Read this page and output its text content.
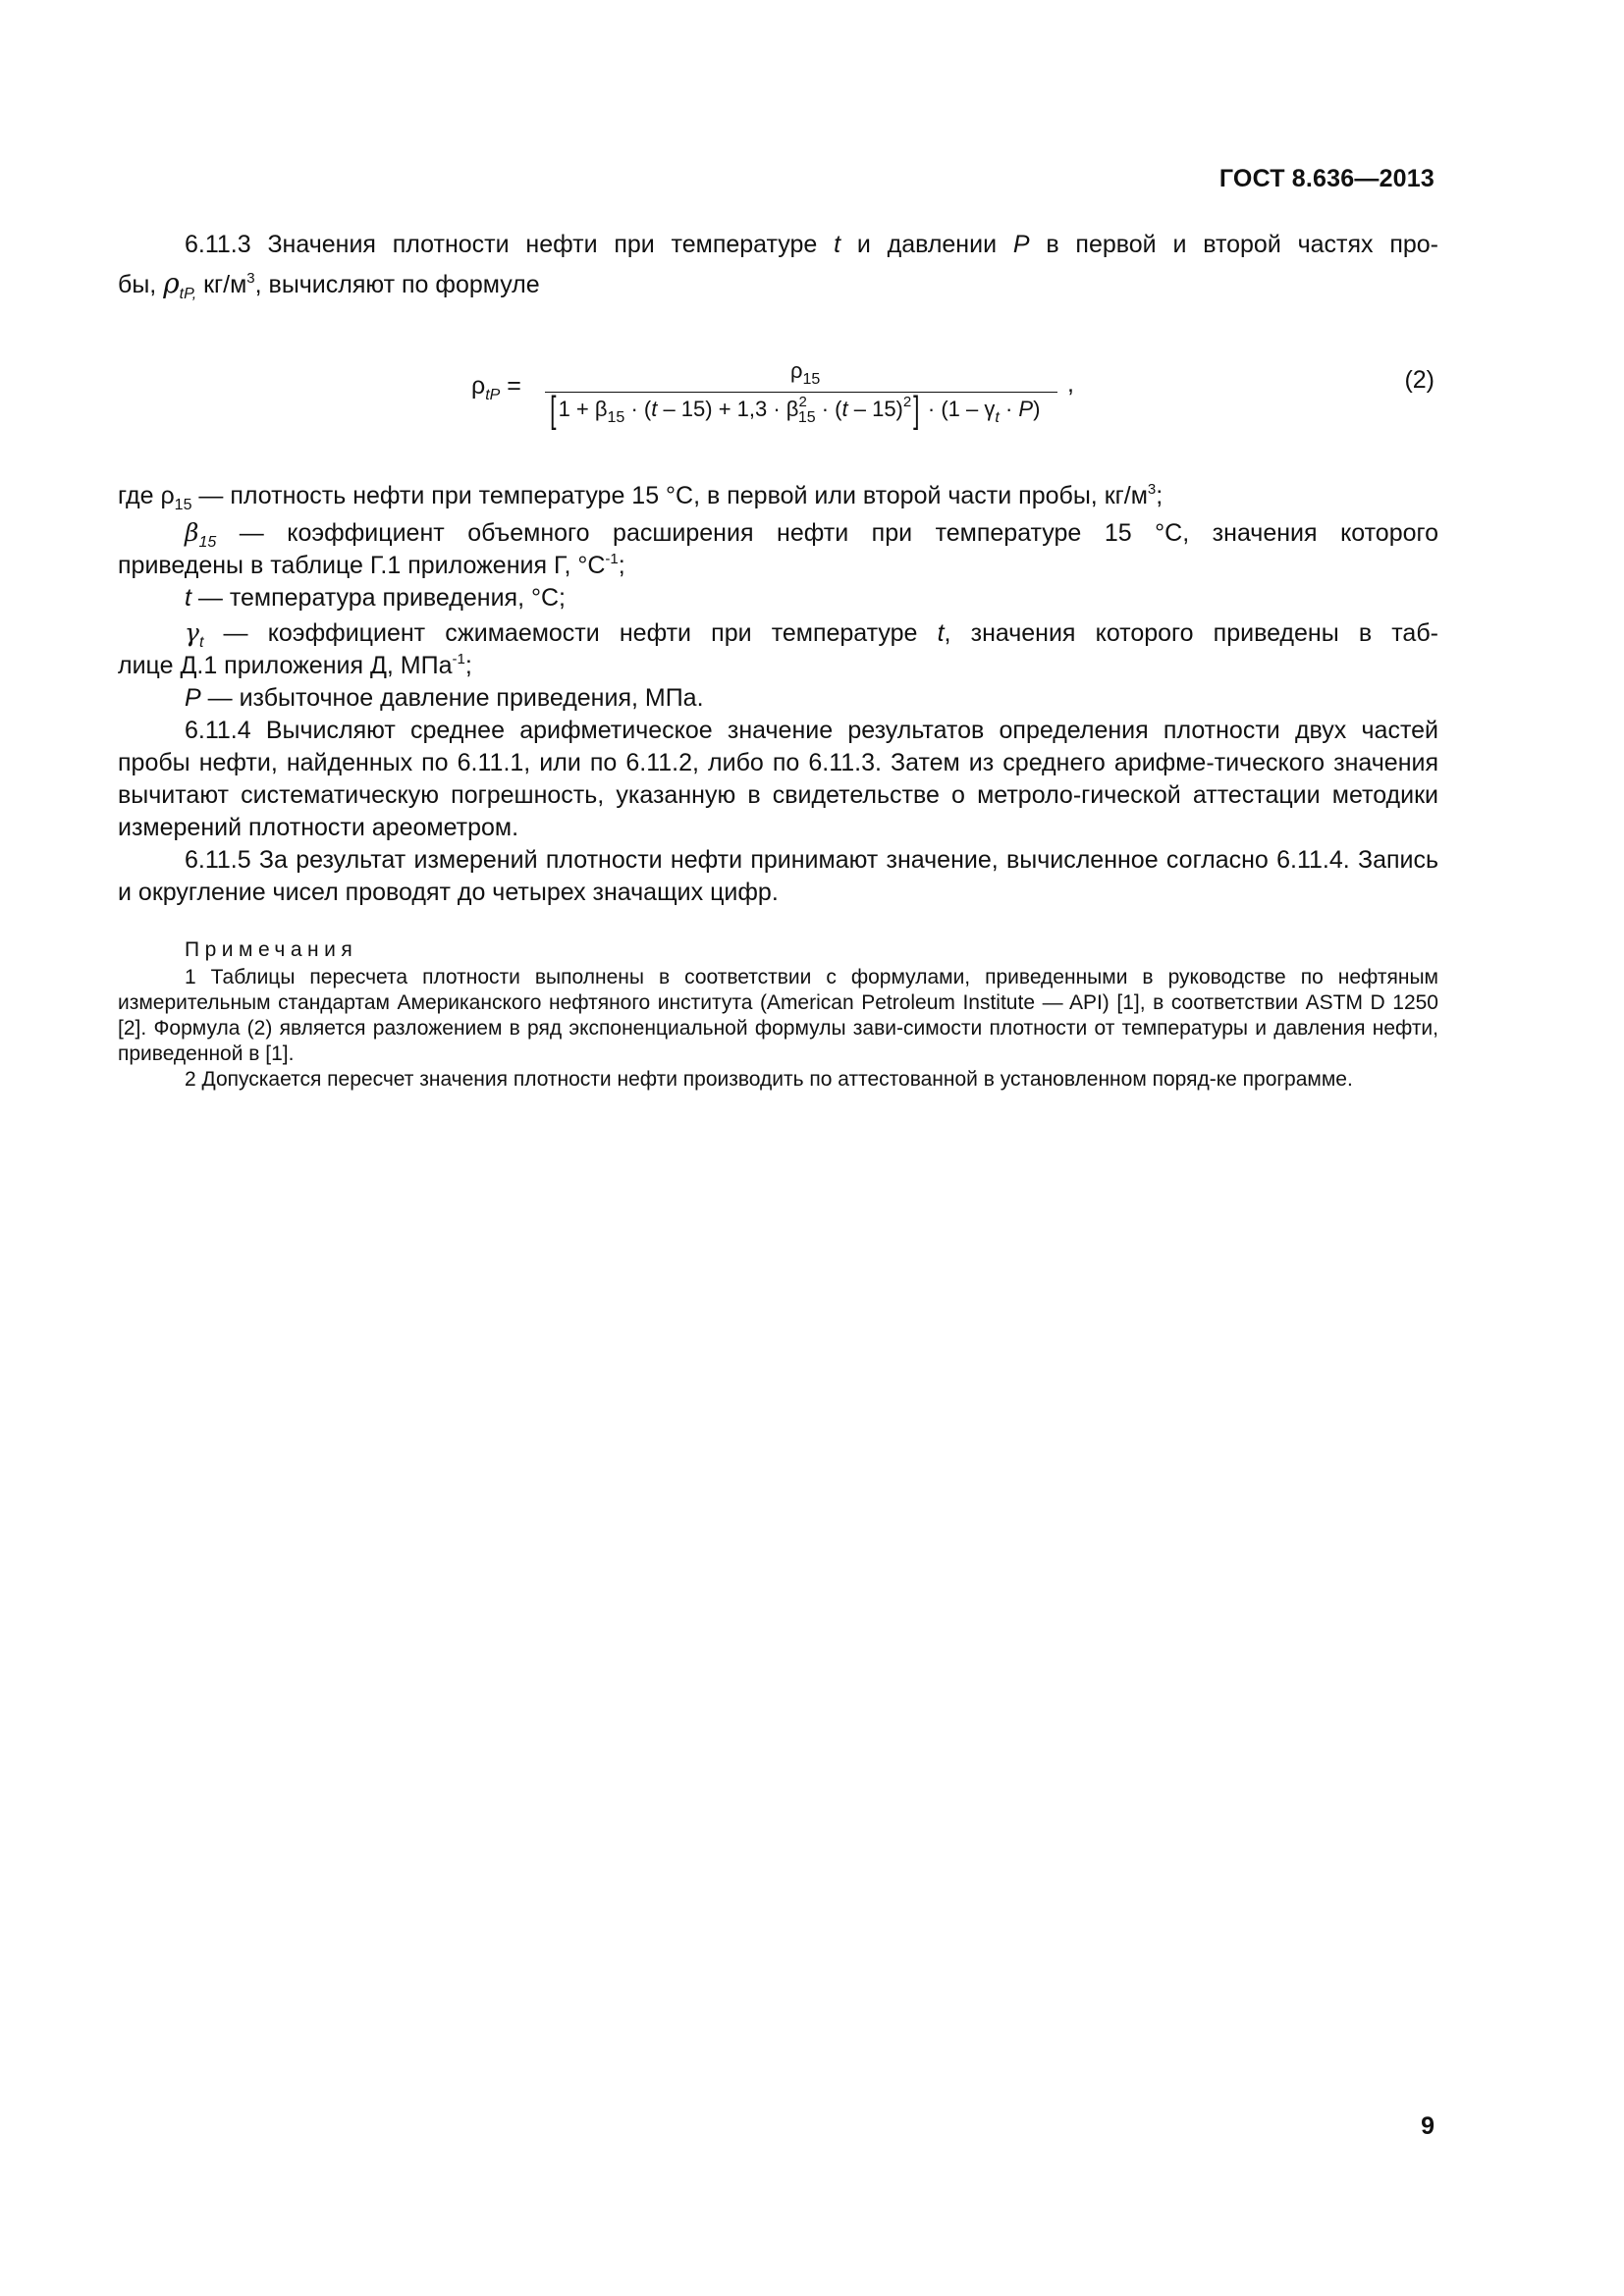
ГОСТ 8.636—2013

6.11.3 Значения плотности нефти при температуре t и давлении P в первой и второй частях про-

бы, $\rho_{tP,}$ $кг/м^3$, вычисляют по формуле

$\rho_{tP}$ =
$\rho_{15}$
$[1 + \beta_{15} \cdot (t - 15) + 1,3 \cdot \beta^2_{15} \cdot (t - 15)^2] \cdot (1 - \gamma_t \cdot P)$
,	(2)

где $\rho_{15}$ — плотность нефти при температуре 15 °С, в первой или второй части пробы, $кг/м^3$;

$\beta_{15}$ — коэффициент объемного расширения нефти при температуре 15 °С, значения которого

приведены в таблице Г.1 приложения Г, $^\circ С^{-1}$;

t — температура приведения, °С;

$\gamma_t$ — коэффициент сжимаемости нефти при температуре t, значения которого приведены в таб-

лице Д.1 приложения Д, МПа$^{-1}$;

P — избыточное давление приведения, МПа.

6.11.4 Вычисляют среднее арифметическое значение результатов определения плотности двух частей пробы нефти, найденных по 6.11.1, или по 6.11.2, либо по 6.11.3. Затем из среднего арифме-тического значения вычитают систематическую погрешность, указанную в свидетельстве о метроло-гической аттестации методики измерений плотности ареометром.

6.11.5 За результат измерений плотности нефти принимают значение, вычисленное согласно 6.11.4. Запись и округление чисел проводят до четырех значащих цифр.

Примечания

1 Таблицы пересчета плотности выполнены в соответствии с формулами, приведенными в руководстве по нефтяным измерительным стандартам Американского нефтяного института (American Petroleum Institute — API) [1], в соответствии ASTM D 1250 [2]. Формула (2) является разложением в ряд экспоненциальной формулы зави-симости плотности от температуры и давления нефти, приведенной в [1].

2 Допускается пересчет значения плотности нефти производить по аттестованной в установленном поряд-ке программе.

9
